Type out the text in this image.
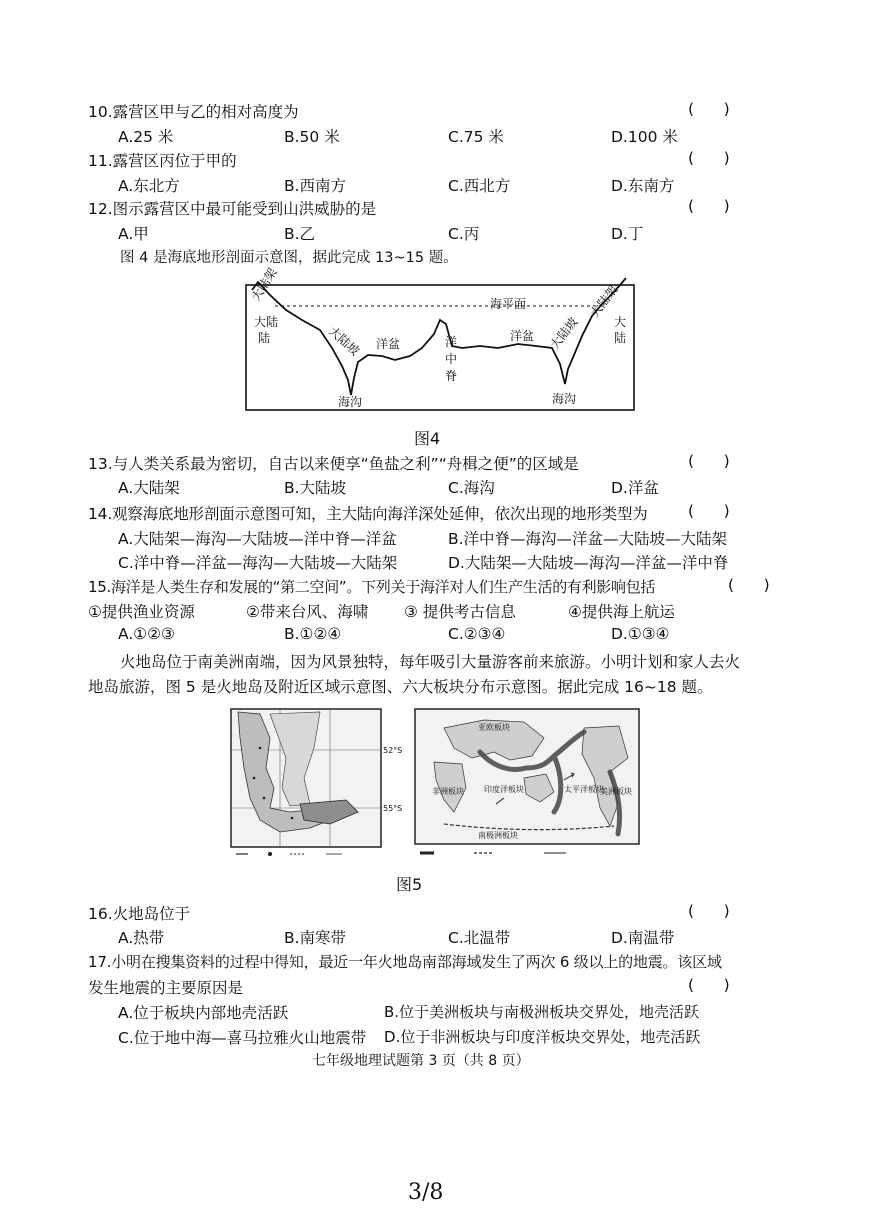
10.露营区甲与乙的相对高度为	(      )
A.25 米	B.50 米	C.75 米	D.100 米
11.露营区丙位于甲的	(      )
A.东北方	B.西南方	C.西北方	D.东南方
12.图示露营区中最可能受到山洪威胁的是	(      )
A.甲	B.乙	C.丙	D.丁
图 4 是海底地形剖面示意图，据此完成 13~15 题。
大陆架
大陆
大陆坡 洋盆	洋
中
脊
海平面
洋盆 大陆坡
大陆架
大
陆
陆
海沟	海沟
图4
13.与人类关系最为密切，自古以来便享“鱼盐之利”“舟楫之便”的区域是	(      )
A.大陆架	B.大陆坡	C.海沟	D.洋盆
14.观察海底地形剖面示意图可知，主大陆向海洋深处延伸，依次出现的地形类型为	(      )
A.大陆架—海沟—大陆坡—洋中脊—洋盆	B.洋中脊—海沟—洋盆—大陆坡—大陆架
C.洋中脊—洋盆—海沟—大陆坡—大陆架	D.大陆架—大陆坡—海沟—洋盆—洋中脊
15.海洋是人类生存和发展的“第二空间”。下列关于海洋对人们生产生活的有利影响包括	(      )
①提供渔业资源	②带来台风、海啸 ③ 提供考古信息	④提供海上航运
A.①②③	B.①②④	C.②③④	D.①③④
火地岛位于南美洲南端，因为风景独特，每年吸引大量游客前来旅游。小明计划和家人去火
地岛旅游，图 5 是火地岛及附近区域示意图、六大板块分布示意图。据此完成 16~18 题。
52°S
55°S
亚欧板块
太平洋板块
美洲板块
印度洋板块
南极洲板块
非洲板块
图5
16.火地岛位于	(      )
A.热带	B.南寒带	C.北温带	D.南温带
17.小明在搜集资料的过程中得知，最近一年火地岛南部海域发生了两次 6 级以上的地震。该区域
发生地震的主要原因是	(      )
A.位于板块内部地壳活跃	B.位于美洲板块与南极洲板块交界处，地壳活跃
C.位于地中海—喜马拉雅火山地震带 D.位于非洲板块与印度洋板块交界处，地壳活跃
七年级地理试题第 3 页（共 8 页）
3/8
